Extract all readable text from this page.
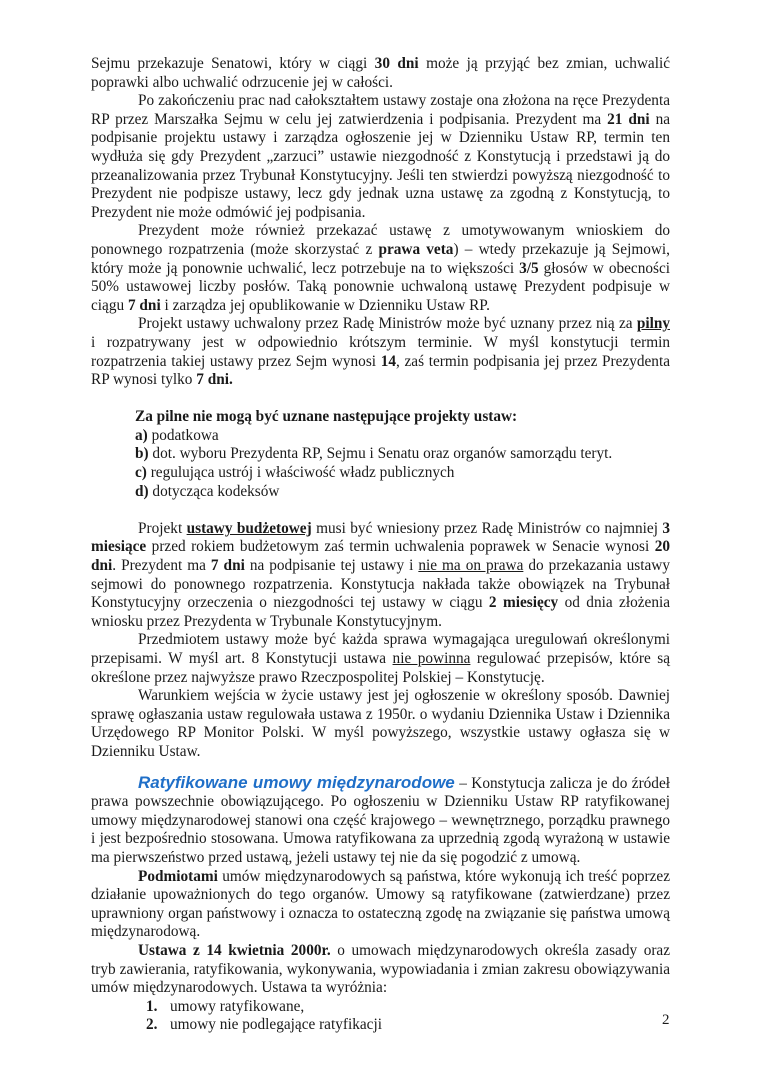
Sejmu przekazuje Senatowi, który w ciągi 30 dni może ją przyjąć bez zmian, uchwalić poprawki albo uchwalić odrzucenie jej w całości.

Po zakończeniu prac nad całokształtem ustawy zostaje ona złożona na ręce Prezydenta RP przez Marszałka Sejmu w celu jej zatwierdzenia i podpisania. Prezydent ma 21 dni na podpisanie projektu ustawy i zarządza ogłoszenie jej w Dzienniku Ustaw RP, termin ten wydłuża się gdy Prezydent „zarzuci” ustawie niezgodność z Konstytucją i przedstawi ją do przeanalizowania przez Trybunał Konstytucyjny. Jeśli ten stwierdzi powyższą niezgodność to Prezydent nie podpisze ustawy, lecz gdy jednak uzna ustawę za zgodną z Konstytucją, to Prezydent nie może odmówić jej podpisania.

Prezydent może również przekazać ustawę z umotywowanym wnioskiem do ponownego rozpatrzenia (może skorzystać z prawa veta) – wtedy przekazuje ją Sejmowi, który może ją ponownie uchwalić, lecz potrzebuje na to większości 3/5 głosów w obecności 50% ustawowej liczby posłów. Taką ponownie uchwaloną ustawę Prezydent podpisuje w ciągu 7 dni i zarządza jej opublikowanie w Dzienniku Ustaw RP.

Projekt ustawy uchwalony przez Radę Ministrów może być uznany przez nią za pilny i rozpatrywany jest w odpowiednio krótszym terminie. W myśl konstytucji termin rozpatrzenia takiej ustawy przez Sejm wynosi 14, zaś termin podpisania jej przez Prezydenta RP wynosi tylko 7 dni.

Za pilne nie mogą być uznane następujące projekty ustaw:

a) podatkowa

b) dot. wyboru Prezydenta RP, Sejmu i Senatu oraz organów samorządu teryt.

c) regulująca ustrój i właściwość władz publicznych

d) dotycząca kodeksów

Projekt ustawy budżetowej musi być wniesiony przez Radę Ministrów co najmniej 3 miesiące przed rokiem budżetowym zaś termin uchwalenia poprawek w Senacie wynosi 20 dni. Prezydent ma 7 dni na podpisanie tej ustawy i nie ma on prawa do przekazania ustawy sejmowi do ponownego rozpatrzenia. Konstytucja nakłada także obowiązek na Trybunał Konstytucyjny orzeczenia o niezgodności tej ustawy w ciągu 2 miesięcy od dnia złożenia wniosku przez Prezydenta w Trybunale Konstytucyjnym.

Przedmiotem ustawy może być każda sprawa wymagająca uregulowań określonymi przepisami. W myśl art. 8 Konstytucji ustawa nie powinna regulować przepisów, które są określone przez najwyższe prawo Rzeczpospolitej Polskiej – Konstytucję.

Warunkiem wejścia w życie ustawy jest jej ogłoszenie w określony sposób. Dawniej sprawę ogłaszania ustaw regulowała ustawa z 1950r. o wydaniu Dziennika Ustaw i Dziennika Urzędowego RP Monitor Polski. W myśl powyższego, wszystkie ustawy ogłasza się w Dzienniku Ustaw.

Ratyfikowane umowy międzynarodowe – Konstytucja zalicza je do źródeł prawa powszechnie obowiązującego. Po ogłoszeniu w Dzienniku Ustaw RP ratyfikowanej umowy międzynarodowej stanowi ona część krajowego – wewnętrznego, porządku prawnego i jest bezpośrednio stosowana. Umowa ratyfikowana za uprzednią zgodą wyrażoną w ustawie ma pierwszeństwo przed ustawą, jeżeli ustawy tej nie da się pogodzić z umową.

Podmiotami umów międzynarodowych są państwa, które wykonują ich treść poprzez działanie upoważnionych do tego organów. Umowy są ratyfikowane (zatwierdzane) przez uprawniony organ państwowy i oznacza to ostateczną zgodę na związanie się państwa umową międzynarodową.

Ustawa z 14 kwietnia 2000r. o umowach międzynarodowych określa zasady oraz tryb zawierania, ratyfikowania, wykonywania, wypowiadania i zmian zakresu obowiązywania umów międzynarodowych. Ustawa ta wyróżnia:

1. umowy ratyfikowane,

2. umowy nie podlegające ratyfikacji	2
